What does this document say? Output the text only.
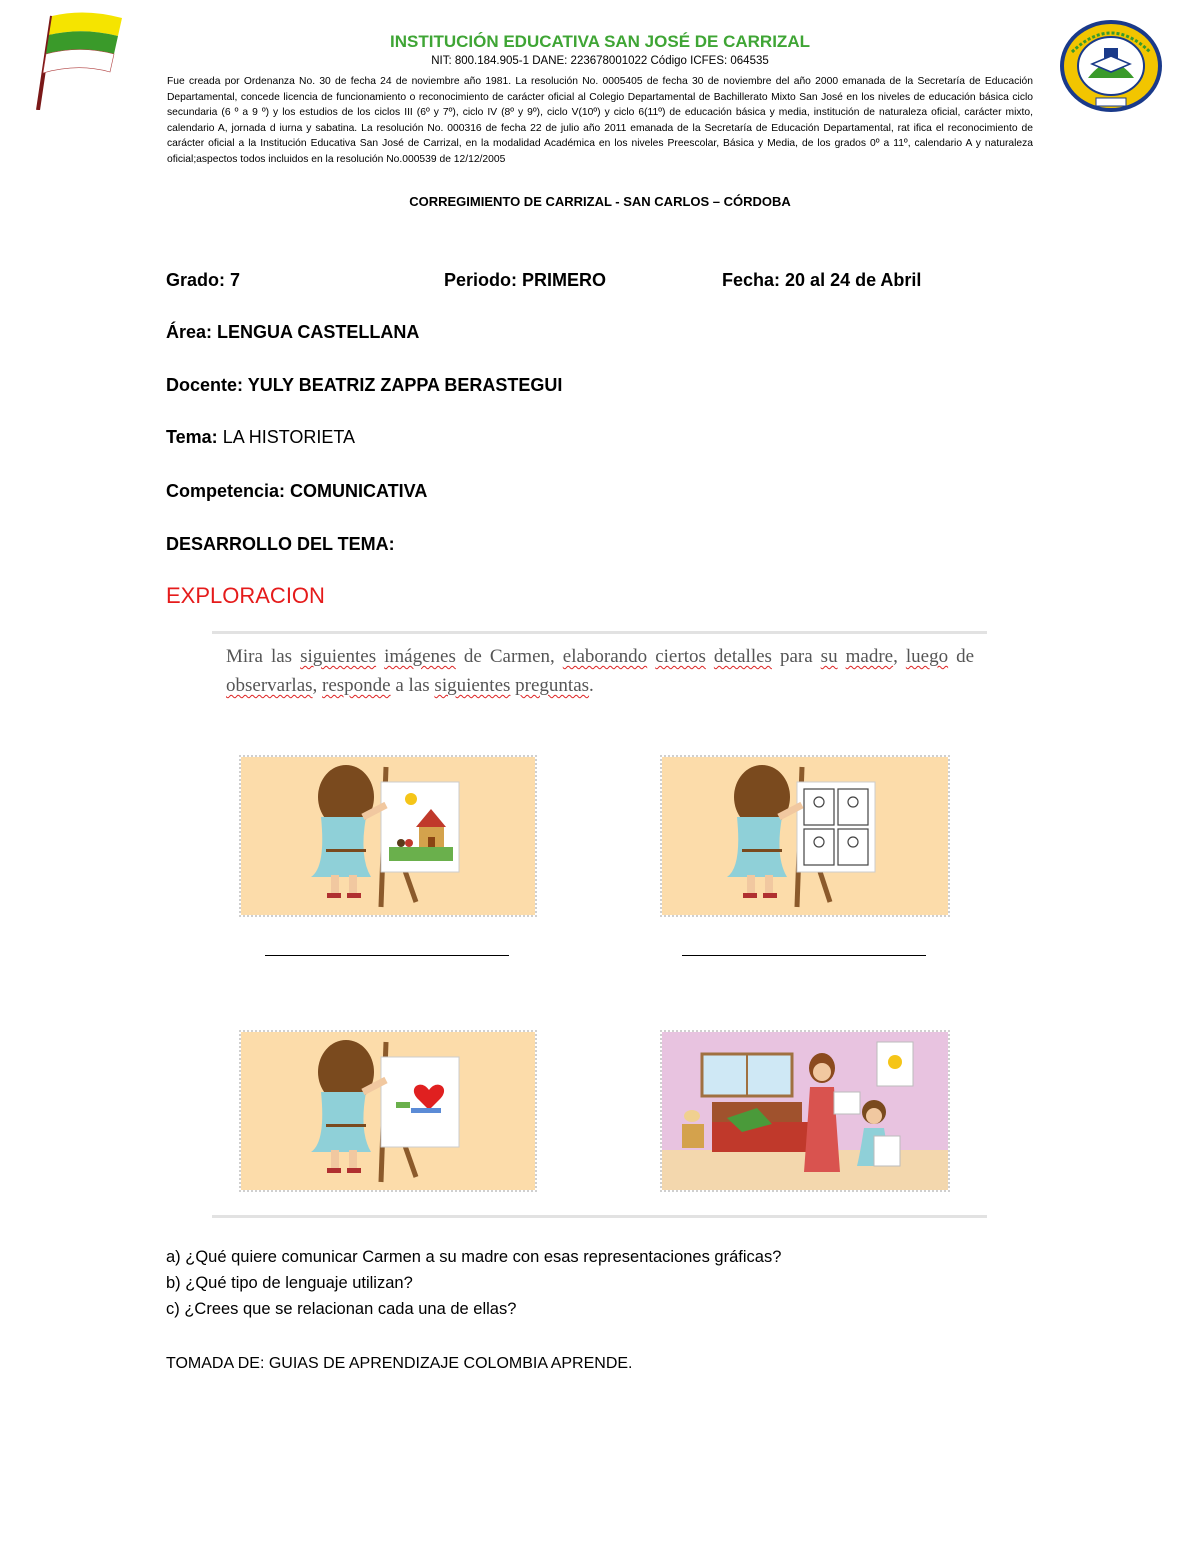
INSTITUCIÓN EDUCATIVA SAN JOSÉ DE CARRIZAL
NIT: 800.184.905-1 DANE: 223678001022 Código ICFES: 064535
Fue creada por Ordenanza No. 30 de fecha 24 de noviembre año 1981. La resolución No. 0005405 de fecha 30 de noviembre del año 2000 emanada de la Secretaría de Educación Departamental, concede licencia de funcionamiento o reconocimiento de carácter oficial al Colegio Departamental de Bachillerato Mixto San José en los niveles de educación básica ciclo secundaria (6 º a 9 º) y los estudios de los ciclos III (6º y 7º), ciclo IV (8º y 9º), ciclo V(10º) y ciclo 6(11º) de educación básica y media, institución de naturaleza oficial, carácter mixto, calendario A, jornada d iurna y sabatina. La resolución No. 000316 de fecha 22 de julio año 2011 emanada de la Secretaría de Educación Departamental, rat ifica el reconocimiento de carácter oficial a la Institución Educativa San José de Carrizal, en la modalidad Académica en los niveles Preescolar, Básica y Media, de los grados 0º a 11º, calendario A y naturaleza oficial;aspectos todos incluidos en la resolución No.000539 de 12/12/2005
CORREGIMIENTO DE CARRIZAL - SAN CARLOS – CÓRDOBA
Grado: 7	Periodo: PRIMERO	Fecha: 20 al 24 de Abril
Área: LENGUA CASTELLANA
Docente: YULY BEATRIZ ZAPPA BERASTEGUI
Tema: LA HISTORIETA
Competencia: COMUNICATIVA
DESARROLLO DEL TEMA:
EXPLORACION
Mira las siguientes imágenes de Carmen, elaborando ciertos detalles para su madre, luego de observarlas, responde a las siguientes preguntas.
a) ¿Qué quiere comunicar Carmen a su madre con esas representaciones gráficas?
b) ¿Qué tipo de lenguaje utilizan?
c) ¿Crees que se relacionan cada una de ellas?
TOMADA DE: GUIAS DE APRENDIZAJE COLOMBIA APRENDE.
